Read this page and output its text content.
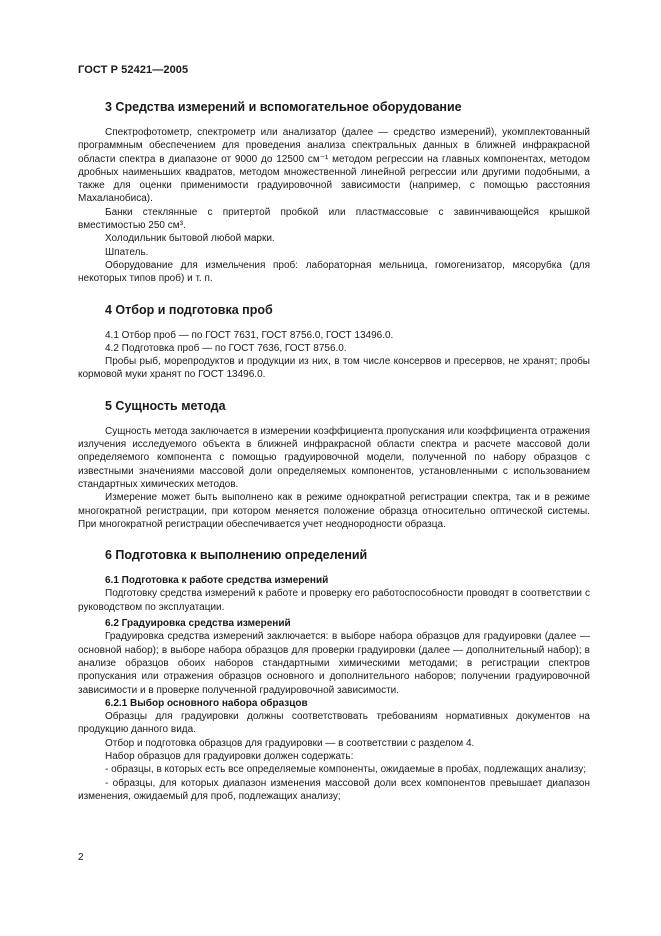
ГОСТ Р 52421—2005
3 Средства измерений и вспомогательное оборудование

Спектрофотометр, спектрометр или анализатор (далее — средство измерений), укомплектованный программным обеспечением для проведения анализа спектральных данных в ближней инфракрасной области спектра в диапазоне от 9000 до 12500 см⁻¹ методом регрессии на главных компонентах, методом дробных наименьших квадратов, методом множественной линейной регрессии или другими подобными, а также для оценки применимости градуировочной зависимости (например, с помощью расстояния Махаланобиса).

Банки стеклянные с притертой пробкой или пластмассовые с завинчивающейся крышкой вместимостью 250 см³.

Холодильник бытовой любой марки.

Шпатель.

Оборудование для измельчения проб: лабораторная мельница, гомогенизатор, мясорубка (для некоторых типов проб) и т. п.

4 Отбор и подготовка проб

4.1 Отбор проб — по ГОСТ 7631, ГОСТ 8756.0, ГОСТ 13496.0.

4.2 Подготовка проб — по ГОСТ 7636, ГОСТ 8756.0.

Пробы рыб, морепродуктов и продукции из них, в том числе консервов и пресервов, не хранят; пробы кормовой муки хранят по ГОСТ 13496.0.

5 Сущность метода

Сущность метода заключается в измерении коэффициента пропускания или коэффициента отражения излучения исследуемого объекта в ближней инфракрасной области спектра и расчете массовой доли определяемого компонента с помощью градуировочной модели, полученной по набору образцов с известными значениями массовой доли определяемых компонентов, установленными с использованием стандартных химических методов.

Измерение может быть выполнено как в режиме однократной регистрации спектра, так и в режиме многократной регистрации, при котором меняется положение образца относительно оптической системы. При многократной регистрации обеспечивается учет неоднородности образца.

6 Подготовка к выполнению определений
6.1 Подготовка к работе средства измерений

Подготовку средства измерений к работе и проверку его работоспособности проводят в соответствии с руководством по эксплуатации.

6.2 Градуировка средства измерений

Градуировка средства измерений заключается: в выборе набора образцов для градуировки (далее — основной набор); в выборе набора образцов для проверки градуировки (далее — дополнительный набор); в анализе образцов обоих наборов стандартными химическими методами; в регистрации спектров пропускания или отражения образцов основного и дополнительного наборов; получении градуировочной зависимости и в проверке полученной градуировочной зависимости.

6.2.1 Выбор основного набора образцов

Образцы для градуировки должны соответствовать требованиям нормативных документов на продукцию данного вида.

Отбор и подготовка образцов для градуировки — в соответствии с разделом 4.

Набор образцов для градуировки должен содержать:

- образцы, в которых есть все определяемые компоненты, ожидаемые в пробах, подлежащих анализу;

- образцы, для которых диапазон изменения массовой доли всех компонентов превышает диапазон изменения, ожидаемый для проб, подлежащих анализу;

2
